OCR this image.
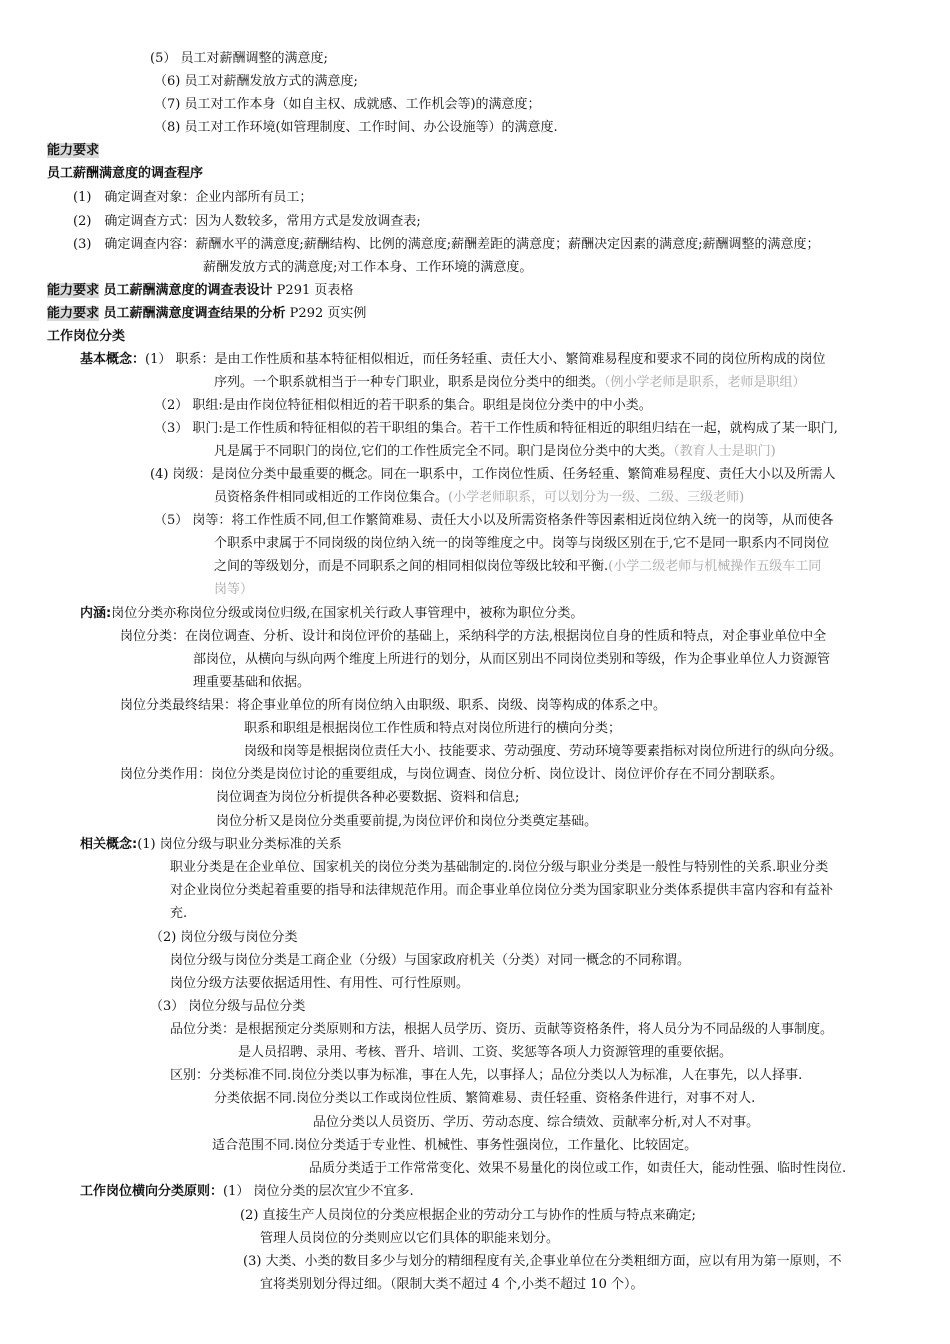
(5） 员工对薪酬调整的满意度;
（6) 员工对薪酬发放方式的满意度;
（7) 员工对工作本身（如自主权、成就感、工作机会等)的满意度；
（8) 员工对工作环境(如管理制度、工作时间、办公设施等）的满意度.
能力要求
员工薪酬满意度的调查程序
(1)　确定调查对象：企业内部所有员工；
(2)　确定调查方式：因为人数较多，常用方式是发放调查表;
(3)　确定调查内容：薪酬水平的满意度;薪酬结构、比例的满意度;薪酬差距的满意度；薪酬决定因素的满意度;薪酬调整的满意度；
薪酬发放方式的满意度;对工作本身、工作环境的满意度。
能力要求 员工薪酬满意度的调查表设计 P291 页表格
能力要求 员工薪酬满意度调查结果的分析 P292 页实例
工作岗位分类
基本概念：(1） 职系：是由工作性质和基本特征相似相近，而任务轻重、责任大小、繁简难易程度和要求不同的岗位所构成的岗位
序列。一个职系就相当于一种专门职业，职系是岗位分类中的细类。（例小学老师是职系，老师是职组）
（2） 职组:是由作岗位特征相似相近的若干职系的集合。职组是岗位分类中的中小类。
（3） 职门:是工作性质和特征相似的若干职组的集合。若干工作性质和特征相近的职组归结在一起，就构成了某一职门,
凡是属于不同职门的岗位,它们的工作性质完全不同。职门是岗位分类中的大类。（教育人士是职门)
(4) 岗级：是岗位分类中最重要的概念。同在一职系中，工作岗位性质、任务轻重、繁简难易程度、责任大小以及所需人
员资格条件相同或相近的工作岗位集合。(小学老师职系，可以划分为一级、二级、三级老师)
（5） 岗等：将工作性质不同,但工作繁简难易、责任大小以及所需资格条件等因素相近岗位纳入统一的岗等，从而使各
个职系中隶属于不同岗级的岗位纳入统一的岗等维度之中。岗等与岗级区别在于,它不是同一职系内不同岗位
之间的等级划分，而是不同职系之间的相同相似岗位等级比较和平衡.(小学二级老师与机械操作五级车工同
岗等）
内涵:岗位分类亦称岗位分级或岗位归级,在国家机关行政人事管理中，被称为职位分类。
岗位分类：在岗位调查、分析、设计和岗位评价的基础上，采纳科学的方法,根据岗位自身的性质和特点，对企事业单位中全
部岗位，从横向与纵向两个维度上所进行的划分，从而区别出不同岗位类别和等级，作为企事业单位人力资源管
理重要基础和依据。
岗位分类最终结果：将企事业单位的所有岗位纳入由职级、职系、岗级、岗等构成的体系之中。
职系和职组是根据岗位工作性质和特点对岗位所进行的横向分类；
岗级和岗等是根据岗位责任大小、技能要求、劳动强度、劳动环境等要素指标对岗位所进行的纵向分级。
岗位分类作用：岗位分类是岗位讨论的重要组成，与岗位调查、岗位分析、岗位设计、岗位评价存在不同分割联系。
岗位调查为岗位分析提供各种必要数据、资料和信息;
岗位分析又是岗位分类重要前提,为岗位评价和岗位分类奠定基础。
相关概念:(1) 岗位分级与职业分类标准的关系
职业分类是在企业单位、国家机关的岗位分类为基础制定的.岗位分级与职业分类是一般性与特别性的关系.职业分类
对企业岗位分类起着重要的指导和法律规范作用。而企事业单位岗位分类为国家职业分类体系提供丰富内容和有益补
充.
（2) 岗位分级与岗位分类
岗位分级与岗位分类是工商企业（分级）与国家政府机关（分类）对同一概念的不同称谓。
岗位分级方法要依据适用性、有用性、可行性原则。
（3） 岗位分级与品位分类
品位分类：是根据预定分类原则和方法，根据人员学历、资历、贡献等资格条件，将人员分为不同品级的人事制度。
是人员招聘、录用、考核、晋升、培训、工资、奖惩等各项人力资源管理的重要依据。
区别：分类标准不同.岗位分类以事为标准，事在人先，以事择人；品位分类以人为标准，人在事先，以人择事.
分类依据不同.岗位分类以工作或岗位性质、繁简难易、责任轻重、资格条件进行，对事不对人.
品位分类以人员资历、学历、劳动态度、综合绩效、贡献率分析,对人不对事。
适合范围不同.岗位分类适于专业性、机械性、事务性强岗位，工作量化、比较固定。
品质分类适于工作常常变化、效果不易量化的岗位或工作，如责任大，能动性强、临时性岗位.
工作岗位横向分类原则：(1） 岗位分类的层次宜少不宜多.
(2) 直接生产人员岗位的分类应根据企业的劳动分工与协作的性质与特点来确定;
管理人员岗位的分类则应以它们具体的职能来划分。
(3) 大类、小类的数目多少与划分的精细程度有关,企事业单位在分类粗细方面，应以有用为第一原则，不
宜将类别划分得过细。（限制大类不超过 4 个,小类不超过 10 个）。
